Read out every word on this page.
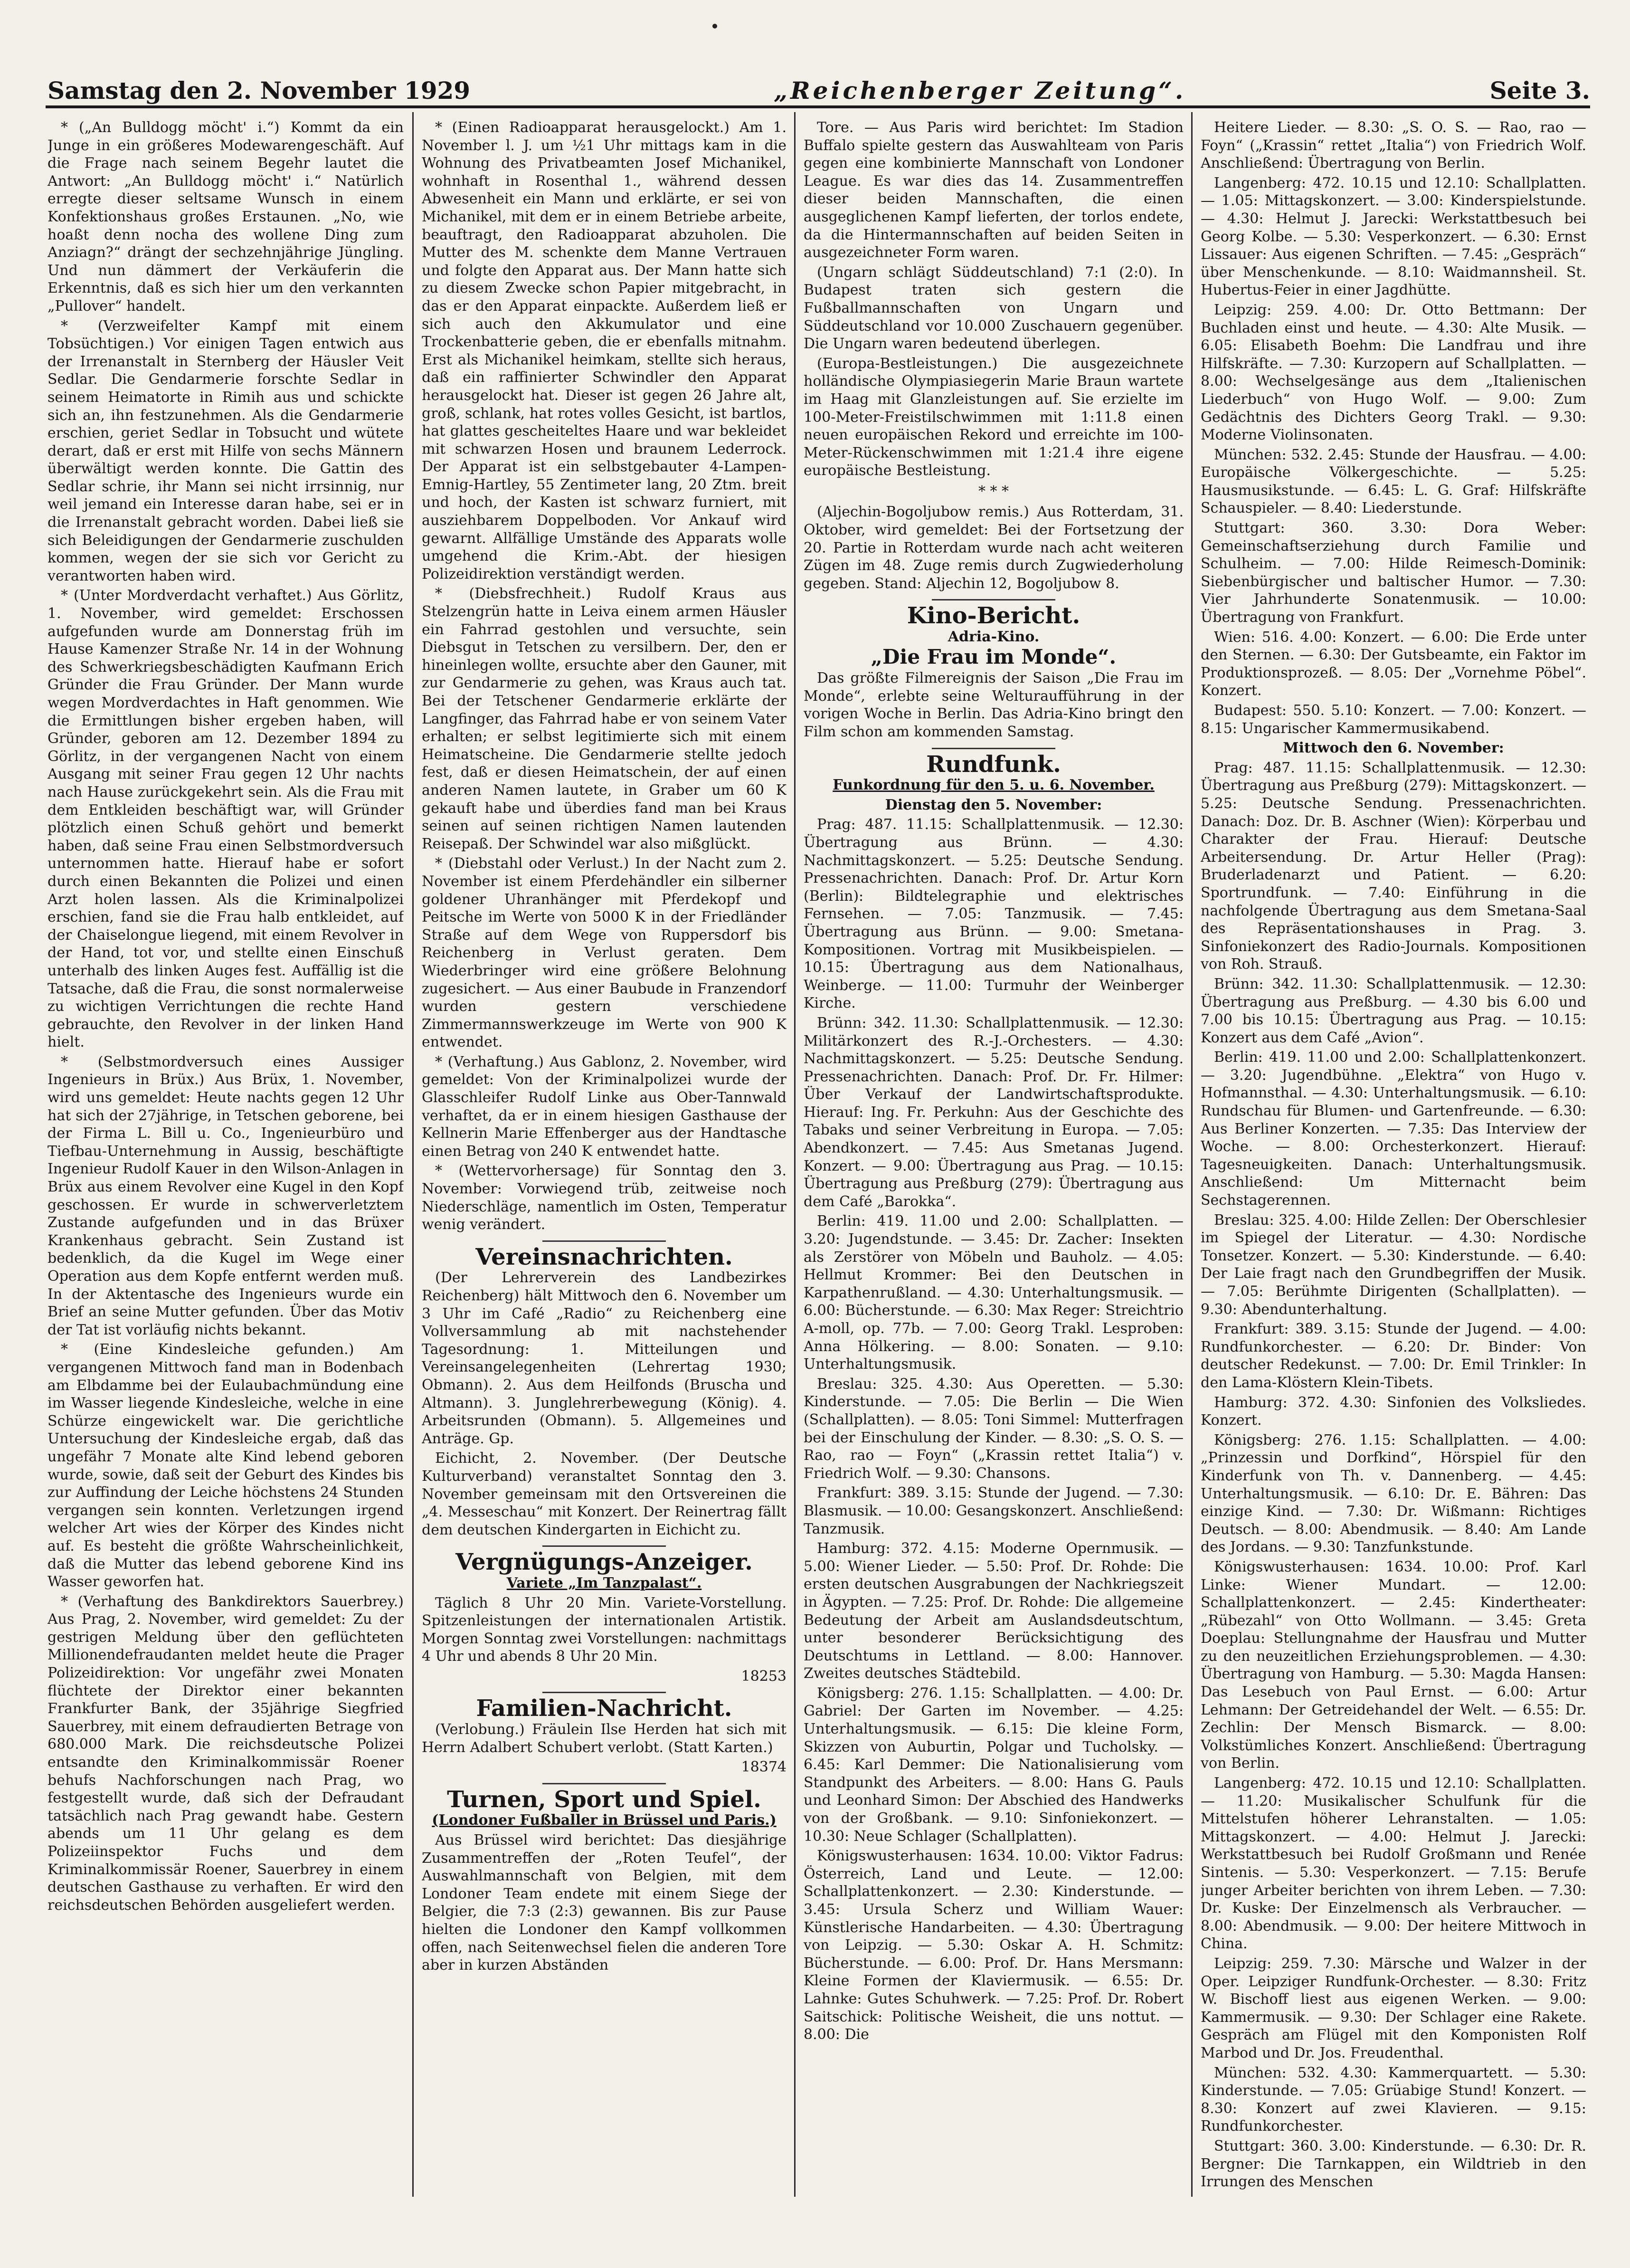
Samstag den 2. November 1929	„Reichenberger Zeitung“.	Seite 3.

* („An Bulldogg möcht' i.“) Kommt da ein Junge in ein größeres Modewarengeschäft. Auf die Frage nach seinem Begehr lautet die Antwort: „An Bulldogg möcht' i.“ Natürlich erregte dieser seltsame Wunsch in einem Konfektionshaus großes Erstaunen. „No, wie hoaßt denn nocha des wollene Ding zum Anziagn?“ drängt der sechzehnjährige Jüngling. Und nun dämmert der Verkäuferin die Erkenntnis, daß es sich hier um den verkannten „Pullover“ handelt.

* (Verzweifelter Kampf mit einem Tobsüchtigen.) Vor einigen Tagen entwich aus der Irrenanstalt in Sternberg der Häusler Veit Sedlar. Die Gendarmerie forschte Sedlar in seinem Heimatorte in Rimih aus und schickte sich an, ihn festzunehmen. Als die Gendarmerie erschien, geriet Sedlar in Tobsucht und wütete derart, daß er erst mit Hilfe von sechs Männern überwältigt werden konnte. Die Gattin des Sedlar schrie, ihr Mann sei nicht irrsinnig, nur weil jemand ein Interesse daran habe, sei er in die Irrenanstalt gebracht worden. Dabei ließ sie sich Beleidigungen der Gendarmerie zuschulden kommen, wegen der sie sich vor Gericht zu verantworten haben wird.

* (Unter Mordverdacht verhaftet.) Aus Görlitz, 1. November, wird gemeldet: Erschossen aufgefunden wurde am Donnerstag früh im Hause Kamenzer Straße Nr. 14 in der Wohnung des Schwerkriegsbeschädigten Kaufmann Erich Gründer die Frau Gründer. Der Mann wurde wegen Mordverdachtes in Haft genommen. Wie die Ermittlungen bisher ergeben haben, will Gründer, geboren am 12. Dezember 1894 zu Görlitz, in der vergangenen Nacht von einem Ausgang mit seiner Frau gegen 12 Uhr nachts nach Hause zurückgekehrt sein. Als die Frau mit dem Entkleiden beschäftigt war, will Gründer plötzlich einen Schuß gehört und bemerkt haben, daß seine Frau einen Selbstmordversuch unternommen hatte. Hierauf habe er sofort durch einen Bekannten die Polizei und einen Arzt holen lassen. Als die Kriminalpolizei erschien, fand sie die Frau halb entkleidet, auf der Chaiselongue liegend, mit einem Revolver in der Hand, tot vor, und stellte einen Einschuß unterhalb des linken Auges fest. Auffällig ist die Tatsache, daß die Frau, die sonst normalerweise zu wichtigen Verrichtungen die rechte Hand gebrauchte, den Revolver in der linken Hand hielt.

* (Selbstmordversuch eines Aussiger Ingenieurs in Brüx.) Aus Brüx, 1. November, wird uns gemeldet: Heute nachts gegen 12 Uhr hat sich der 27jährige, in Tetschen geborene, bei der Firma L. Bill u. Co., Ingenieurbüro und Tiefbau-Unternehmung in Aussig, beschäftigte Ingenieur Rudolf Kauer in den Wilson-Anlagen in Brüx aus einem Revolver eine Kugel in den Kopf geschossen. Er wurde in schwerverletztem Zustande aufgefunden und in das Brüxer Krankenhaus gebracht. Sein Zustand ist bedenklich, da die Kugel im Wege einer Operation aus dem Kopfe entfernt werden muß. In der Aktentasche des Ingenieurs wurde ein Brief an seine Mutter gefunden. Über das Motiv der Tat ist vorläufig nichts bekannt.

* (Eine Kindesleiche gefunden.) Am vergangenen Mittwoch fand man in Bodenbach am Elbdamme bei der Eulaubachmündung eine im Wasser liegende Kindesleiche, welche in eine Schürze eingewickelt war. Die gerichtliche Untersuchung der Kindesleiche ergab, daß das ungefähr 7 Monate alte Kind lebend geboren wurde, sowie, daß seit der Geburt des Kindes bis zur Auffindung der Leiche höchstens 24 Stunden vergangen sein konnten. Verletzungen irgend welcher Art wies der Körper des Kindes nicht auf. Es besteht die größte Wahrscheinlichkeit, daß die Mutter das lebend geborene Kind ins Wasser geworfen hat.

* (Verhaftung des Bankdirektors Sauerbrey.) Aus Prag, 2. November, wird gemeldet: Zu der gestrigen Meldung über den geflüchteten Millionendefraudanten meldet heute die Prager Polizeidirektion: Vor ungefähr zwei Monaten flüchtete der Direktor einer bekannten Frankfurter Bank, der 35jährige Siegfried Sauerbrey, mit einem defraudierten Betrage von 680.000 Mark. Die reichsdeutsche Polizei entsandte den Kriminalkommissär Roener behufs Nachforschungen nach Prag, wo festgestellt wurde, daß sich der Defraudant tatsächlich nach Prag gewandt habe. Gestern abends um 11 Uhr gelang es dem Polizeiinspektor Fuchs und dem Kriminalkommissär Roener, Sauerbrey in einem deutschen Gasthause zu verhaften. Er wird den reichsdeutschen Behörden ausgeliefert werden.

* (Einen Radioapparat herausgelockt.) Am 1. November l. J. um ½1 Uhr mittags kam in die Wohnung des Privatbeamten Josef Michanikel, wohnhaft in Rosenthal 1., während dessen Abwesenheit ein Mann und erklärte, er sei von Michanikel, mit dem er in einem Betriebe arbeite, beauftragt, den Radioapparat abzuholen. Die Mutter des M. schenkte dem Manne Vertrauen und folgte den Apparat aus. Der Mann hatte sich zu diesem Zwecke schon Papier mitgebracht, in das er den Apparat einpackte. Außerdem ließ er sich auch den Akkumulator und eine Trockenbatterie geben, die er ebenfalls mitnahm. Erst als Michanikel heimkam, stellte sich heraus, daß ein raffinierter Schwindler den Apparat herausgelockt hat. Dieser ist gegen 26 Jahre alt, groß, schlank, hat rotes volles Gesicht, ist bartlos, hat glattes gescheiteltes Haare und war bekleidet mit schwarzen Hosen und braunem Lederrock. Der Apparat ist ein selbstgebauter 4-Lampen-Emnig-Hartley, 55 Zentimeter lang, 20 Ztm. breit und hoch, der Kasten ist schwarz furniert, mit ausziehbarem Doppelboden. Vor Ankauf wird gewarnt. Allfällige Umstände des Apparats wolle umgehend die Krim.-Abt. der hiesigen Polizeidirektion verständigt werden.

* (Diebsfrechheit.) Rudolf Kraus aus Stelzengrün hatte in Leiva einem armen Häusler ein Fahrrad gestohlen und versuchte, sein Diebsgut in Tetschen zu versilbern. Der, den er hineinlegen wollte, ersuchte aber den Gauner, mit zur Gendarmerie zu gehen, was Kraus auch tat. Bei der Tetschener Gendarmerie erklärte der Langfinger, das Fahrrad habe er von seinem Vater erhalten; er selbst legitimierte sich mit einem Heimatscheine. Die Gendarmerie stellte jedoch fest, daß er diesen Heimatschein, der auf einen anderen Namen lautete, in Graber um 60 K gekauft habe und überdies fand man bei Kraus seinen auf seinen richtigen Namen lautenden Reisepaß. Der Schwindel war also mißglückt.

* (Diebstahl oder Verlust.) In der Nacht zum 2. November ist einem Pferdehändler ein silberner goldener Uhranhänger mit Pferdekopf und Peitsche im Werte von 5000 K in der Friedländer Straße auf dem Wege von Ruppersdorf bis Reichenberg in Verlust geraten. Dem Wiederbringer wird eine größere Belohnung zugesichert. — Aus einer Baubude in Franzendorf wurden gestern verschiedene Zimmermannswerkzeuge im Werte von 900 K entwendet.

* (Verhaftung.) Aus Gablonz, 2. November, wird gemeldet: Von der Kriminalpolizei wurde der Glasschleifer Rudolf Linke aus Ober-Tannwald verhaftet, da er in einem hiesigen Gasthause der Kellnerin Marie Effenberger aus der Handtasche einen Betrag von 240 K entwendet hatte.

* (Wettervorhersage) für Sonntag den 3. November: Vorwiegend trüb, zeitweise noch Niederschläge, namentlich im Osten, Temperatur wenig verändert.

Vereinsnachrichten.

(Der Lehrerverein des Landbezirkes Reichenberg) hält Mittwoch den 6. November um 3 Uhr im Café „Radio“ zu Reichenberg eine Vollversammlung ab mit nachstehender Tagesordnung: 1. Mitteilungen und Vereinsangelegenheiten (Lehrertag 1930; Obmann). 2. Aus dem Heilfonds (Bruscha und Altmann). 3. Junglehrerbewegung (König). 4. Arbeitsrunden (Obmann). 5. Allgemeines und Anträge. Gp.

Eichicht, 2. November. (Der Deutsche Kulturverband) veranstaltet Sonntag den 3. November gemeinsam mit den Ortsvereinen die „4. Messeschau“ mit Konzert. Der Reinertrag fällt dem deutschen Kindergarten in Eichicht zu.

Vergnügungs-Anzeiger.
Variete „Im Tanzpalast“.

Täglich 8 Uhr 20 Min. Variete-Vorstellung. Spitzenleistungen der internationalen Artistik. Morgen Sonntag zwei Vorstellungen: nachmittags 4 Uhr und abends 8 Uhr 20 Min.

18253

Familien-Nachricht.

(Verlobung.) Fräulein Ilse Herden hat sich mit Herrn Adalbert Schubert verlobt. (Statt Karten.)

18374

Turnen, Sport und Spiel.
(Londoner Fußballer in Brüssel und Paris.)

Aus Brüssel wird berichtet: Das diesjährige Zusammentreffen der „Roten Teufel“, der Auswahlmannschaft von Belgien, mit dem Londoner Team endete mit einem Siege der Belgier, die 7:3 (2:3) gewannen. Bis zur Pause hielten die Londoner den Kampf vollkommen offen, nach Seitenwechsel fielen die anderen Tore aber in kurzen Abständen

Tore. — Aus Paris wird berichtet: Im Stadion Buffalo spielte gestern das Auswahlteam von Paris gegen eine kombinierte Mannschaft von Londoner League. Es war dies das 14. Zusammentreffen dieser beiden Mannschaften, die einen ausgeglichenen Kampf lieferten, der torlos endete, da die Hintermannschaften auf beiden Seiten in ausgezeichneter Form waren.

(Ungarn schlägt Süddeutschland) 7:1 (2:0). In Budapest traten sich gestern die Fußballmannschaften von Ungarn und Süddeutschland vor 10.000 Zuschauern gegenüber. Die Ungarn waren bedeutend überlegen.

(Europa-Bestleistungen.) Die ausgezeichnete holländische Olympiasiegerin Marie Braun wartete im Haag mit Glanzleistungen auf. Sie erzielte im 100-Meter-Freistilschwimmen mit 1:11.8 einen neuen europäischen Rekord und erreichte im 100-Meter-Rückenschwimmen mit 1:21.4 ihre eigene europäische Bestleistung.

* * *

(Aljechin-Bogoljubow remis.) Aus Rotterdam, 31. Oktober, wird gemeldet: Bei der Fortsetzung der 20. Partie in Rotterdam wurde nach acht weiteren Zügen im 48. Zuge remis durch Zugwiederholung gegeben. Stand: Aljechin 12, Bogoljubow 8.

Kino-Bericht.
Adria-Kino.
„Die Frau im Monde“.

Das größte Filmereignis der Saison „Die Frau im Monde“, erlebte seine Welturaufführung in der vorigen Woche in Berlin. Das Adria-Kino bringt den Film schon am kommenden Samstag.

Rundfunk.
Funkordnung für den 5. u. 6. November.

Dienstag den 5. November:

Prag: 487. 11.15: Schallplattenmusik. — 12.30: Übertragung aus Brünn. — 4.30: Nachmittagskonzert. — 5.25: Deutsche Sendung. Pressenachrichten. Danach: Prof. Dr. Artur Korn (Berlin): Bildtelegraphie und elektrisches Fernsehen. — 7.05: Tanzmusik. — 7.45: Übertragung aus Brünn. — 9.00: Smetana-Kompositionen. Vortrag mit Musikbeispielen. — 10.15: Übertragung aus dem Nationalhaus, Weinberge. — 11.00: Turmuhr der Weinberger Kirche.

Brünn: 342. 11.30: Schallplattenmusik. — 12.30: Militärkonzert des R.-J.-Orchesters. — 4.30: Nachmittagskonzert. — 5.25: Deutsche Sendung. Pressenachrichten. Danach: Prof. Dr. Fr. Hilmer: Über Verkauf der Landwirtschaftsprodukte. Hierauf: Ing. Fr. Perkuhn: Aus der Geschichte des Tabaks und seiner Verbreitung in Europa. — 7.05: Abendkonzert. — 7.45: Aus Smetanas Jugend. Konzert. — 9.00: Übertragung aus Prag. — 10.15: Übertragung aus Preßburg (279): Übertragung aus dem Café „Barokka“.

Berlin: 419. 11.00 und 2.00: Schallplatten. — 3.20: Jugendstunde. — 3.45: Dr. Zacher: Insekten als Zerstörer von Möbeln und Bauholz. — 4.05: Hellmut Krommer: Bei den Deutschen in Karpathenrußland. — 4.30: Unterhaltungsmusik. — 6.00: Bücherstunde. — 6.30: Max Reger: Streichtrio A-moll, op. 77b. — 7.00: Georg Trakl. Lesproben: Anna Hölkering. — 8.00: Sonaten. — 9.10: Unterhaltungsmusik.

Breslau: 325. 4.30: Aus Operetten. — 5.30: Kinderstunde. — 7.05: Die Berlin — Die Wien (Schallplatten). — 8.05: Toni Simmel: Mutterfragen bei der Einschulung der Kinder. — 8.30: „S. O. S. — Rao, rao — Foyn“ („Krassin rettet Italia“) v. Friedrich Wolf. — 9.30: Chansons.

Frankfurt: 389. 3.15: Stunde der Jugend. — 7.30: Blasmusik. — 10.00: Gesangskonzert. Anschließend: Tanzmusik.

Hamburg: 372. 4.15: Moderne Opernmusik. — 5.00: Wiener Lieder. — 5.50: Prof. Dr. Rohde: Die ersten deutschen Ausgrabungen der Nachkriegszeit in Ägypten. — 7.25: Prof. Dr. Rohde: Die allgemeine Bedeutung der Arbeit am Auslandsdeutschtum, unter besonderer Berücksichtigung des Deutschtums in Lettland. — 8.00: Hannover. Zweites deutsches Städtebild.

Königsberg: 276. 1.15: Schallplatten. — 4.00: Dr. Gabriel: Der Garten im November. — 4.25: Unterhaltungsmusik. — 6.15: Die kleine Form, Skizzen von Auburtin, Polgar und Tucholsky. — 6.45: Karl Demmer: Die Nationalisierung vom Standpunkt des Arbeiters. — 8.00: Hans G. Pauls und Leonhard Simon: Der Abschied des Handwerks von der Großbank. — 9.10: Sinfoniekonzert. — 10.30: Neue Schlager (Schallplatten).

Königswusterhausen: 1634. 10.00: Viktor Fadrus: Österreich, Land und Leute. — 12.00: Schallplattenkonzert. — 2.30: Kinderstunde. — 3.45: Ursula Scherz und William Wauer: Künstlerische Handarbeiten. — 4.30: Übertragung von Leipzig. — 5.30: Oskar A. H. Schmitz: Bücherstunde. — 6.00: Prof. Dr. Hans Mersmann: Kleine Formen der Klaviermusik. — 6.55: Dr. Lahnke: Gutes Schuhwerk. — 7.25: Prof. Dr. Robert Saitschick: Politische Weisheit, die uns nottut. — 8.00: Die

Heitere Lieder. — 8.30: „S. O. S. — Rao, rao — Foyn“ („Krassin“ rettet „Italia“) von Friedrich Wolf. Anschließend: Übertragung von Berlin.

Langenberg: 472. 10.15 und 12.10: Schallplatten. — 1.05: Mittagskonzert. — 3.00: Kinderspielstunde. — 4.30: Helmut J. Jarecki: Werkstattbesuch bei Georg Kolbe. — 5.30: Vesperkonzert. — 6.30: Ernst Lissauer: Aus eigenen Schriften. — 7.45: „Gespräch“ über Menschenkunde. — 8.10: Waidmannsheil. St. Hubertus-Feier in einer Jagdhütte.

Leipzig: 259. 4.00: Dr. Otto Bettmann: Der Buchladen einst und heute. — 4.30: Alte Musik. — 6.05: Elisabeth Boehm: Die Landfrau und ihre Hilfskräfte. — 7.30: Kurzopern auf Schallplatten. — 8.00: Wechselgesänge aus dem „Italienischen Liederbuch“ von Hugo Wolf. — 9.00: Zum Gedächtnis des Dichters Georg Trakl. — 9.30: Moderne Violinsonaten.

München: 532. 2.45: Stunde der Hausfrau. — 4.00: Europäische Völkergeschichte. — 5.25: Hausmusikstunde. — 6.45: L. G. Graf: Hilfskräfte Schauspieler. — 8.40: Liederstunde.

Stuttgart: 360. 3.30: Dora Weber: Gemeinschaftserziehung durch Familie und Schulheim. — 7.00: Hilde Reimesch-Dominik: Siebenbürgischer und baltischer Humor. — 7.30: Vier Jahrhunderte Sonatenmusik. — 10.00: Übertragung von Frankfurt.

Wien: 516. 4.00: Konzert. — 6.00: Die Erde unter den Sternen. — 6.30: Der Gutsbeamte, ein Faktor im Produktionsprozeß. — 8.05: Der „Vornehme Pöbel“. Konzert.

Budapest: 550. 5.10: Konzert. — 7.00: Konzert. — 8.15: Ungarischer Kammermusikabend.

Mittwoch den 6. November:

Prag: 487. 11.15: Schallplattenmusik. — 12.30: Übertragung aus Preßburg (279): Mittagskonzert. — 5.25: Deutsche Sendung. Pressenachrichten. Danach: Doz. Dr. B. Aschner (Wien): Körperbau und Charakter der Frau. Hierauf: Deutsche Arbeitersendung. Dr. Artur Heller (Prag): Bruderladenarzt und Patient. — 6.20: Sportrundfunk. — 7.40: Einführung in die nachfolgende Übertragung aus dem Smetana-Saal des Repräsentationshauses in Prag. 3. Sinfoniekonzert des Radio-Journals. Kompositionen von Roh. Strauß.

Brünn: 342. 11.30: Schallplattenmusik. — 12.30: Übertragung aus Preßburg. — 4.30 bis 6.00 und 7.00 bis 10.15: Übertragung aus Prag. — 10.15: Konzert aus dem Café „Avion“.

Berlin: 419. 11.00 und 2.00: Schallplattenkonzert. — 3.20: Jugendbühne. „Elektra“ von Hugo v. Hofmannsthal. — 4.30: Unterhaltungsmusik. — 6.10: Rundschau für Blumen- und Gartenfreunde. — 6.30: Aus Berliner Konzerten. — 7.35: Das Interview der Woche. — 8.00: Orchesterkonzert. Hierauf: Tagesneuigkeiten. Danach: Unterhaltungsmusik. Anschließend: Um Mitternacht beim Sechstagerennen.

Breslau: 325. 4.00: Hilde Zellen: Der Oberschlesier im Spiegel der Literatur. — 4.30: Nordische Tonsetzer. Konzert. — 5.30: Kinderstunde. — 6.40: Der Laie fragt nach den Grundbegriffen der Musik. — 7.05: Berühmte Dirigenten (Schallplatten). — 9.30: Abendunterhaltung.

Frankfurt: 389. 3.15: Stunde der Jugend. — 4.00: Rundfunkorchester. — 6.20: Dr. Binder: Von deutscher Redekunst. — 7.00: Dr. Emil Trinkler: In den Lama-Klöstern Klein-Tibets.

Hamburg: 372. 4.30: Sinfonien des Volksliedes. Konzert.

Königsberg: 276. 1.15: Schallplatten. — 4.00: „Prinzessin und Dorfkind“, Hörspiel für den Kinderfunk von Th. v. Dannenberg. — 4.45: Unterhaltungsmusik. — 6.10: Dr. E. Bähren: Das einzige Kind. — 7.30: Dr. Wißmann: Richtiges Deutsch. — 8.00: Abendmusik. — 8.40: Am Lande des Jordans. — 9.30: Tanzfunkstunde.

Königswusterhausen: 1634. 10.00: Prof. Karl Linke: Wiener Mundart. — 12.00: Schallplattenkonzert. — 2.45: Kindertheater: „Rübezahl“ von Otto Wollmann. — 3.45: Greta Doeplau: Stellungnahme der Hausfrau und Mutter zu den neuzeitlichen Erziehungsproblemen. — 4.30: Übertragung von Hamburg. — 5.30: Magda Hansen: Das Lesebuch von Paul Ernst. — 6.00: Artur Lehmann: Der Getreidehandel der Welt. — 6.55: Dr. Zechlin: Der Mensch Bismarck. — 8.00: Volkstümliches Konzert. Anschließend: Übertragung von Berlin.

Langenberg: 472. 10.15 und 12.10: Schallplatten. — 11.20: Musikalischer Schulfunk für die Mittelstufen höherer Lehranstalten. — 1.05: Mittagskonzert. — 4.00: Helmut J. Jarecki: Werkstattbesuch bei Rudolf Großmann und Renée Sintenis. — 5.30: Vesperkonzert. — 7.15: Berufe junger Arbeiter berichten von ihrem Leben. — 7.30: Dr. Kuske: Der Einzelmensch als Verbraucher. — 8.00: Abendmusik. — 9.00: Der heitere Mittwoch in China.

Leipzig: 259. 7.30: Märsche und Walzer in der Oper. Leipziger Rundfunk-Orchester. — 8.30: Fritz W. Bischoff liest aus eigenen Werken. — 9.00: Kammermusik. — 9.30: Der Schlager eine Rakete. Gespräch am Flügel mit den Komponisten Rolf Marbod und Dr. Jos. Freudenthal.

München: 532. 4.30: Kammerquartett. — 5.30: Kinderstunde. — 7.05: Grüabige Stund! Konzert. — 8.30: Konzert auf zwei Klavieren. — 9.15: Rundfunkorchester.

Stuttgart: 360. 3.00: Kinderstunde. — 6.30: Dr. R. Bergner: Die Tarnkappen, ein Wildtrieb in den Irrungen des Menschen
